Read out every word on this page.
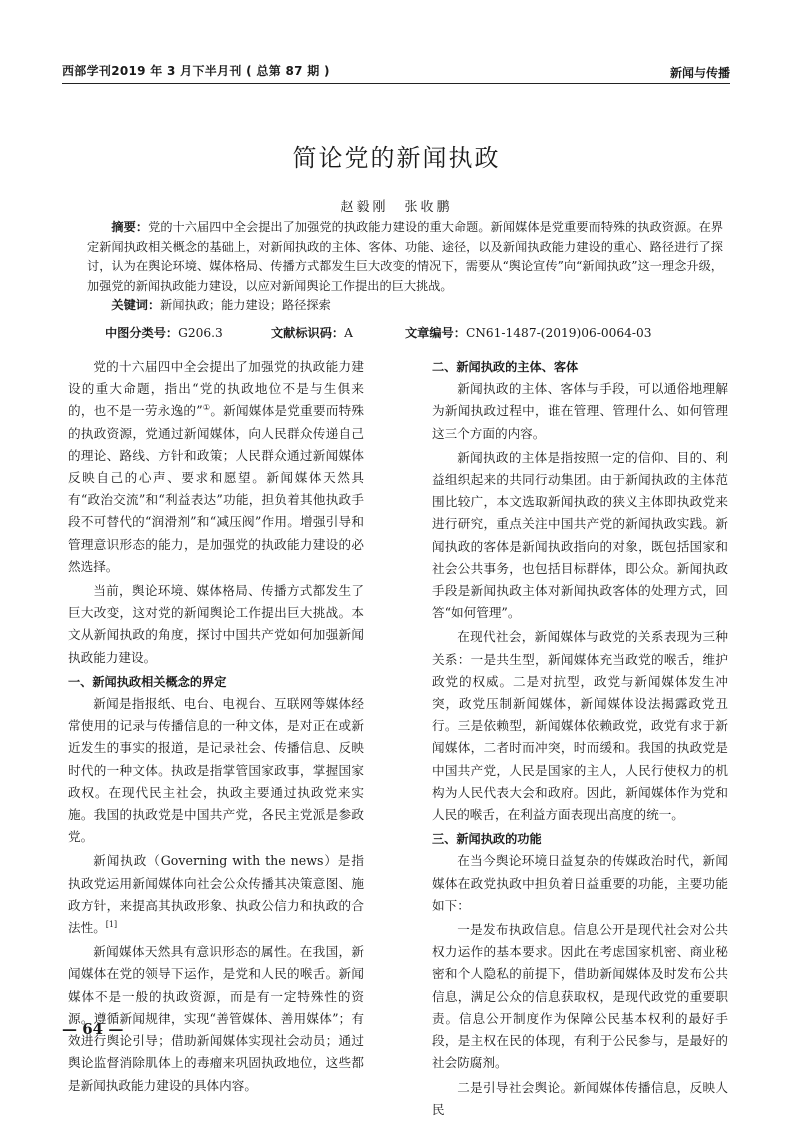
西部学刊2019 年 3 月下半月刊 ( 总第 87 期 )	新闻与传播
简论党的新闻执政
赵毅刚　张收鹏

摘要：党的十六届四中全会提出了加强党的执政能力建设的重大命题。新闻媒体是党重要而特殊的执政资源。在界定新闻执政相关概念的基础上，对新闻执政的主体、客体、功能、途径，以及新闻执政能力建设的重心、路径进行了探讨，认为在舆论环境、媒体格局、传播方式都发生巨大改变的情况下，需要从“舆论宣传”向“新闻执政”这一理念升级，加强党的新闻执政能力建设，以应对新闻舆论工作提出的巨大挑战。

关键词：新闻执政；能力建设；路径探索

中图分类号：G206.3	文献标识码：A	文章编号：CN61-1487-(2019)06-0064-03

党的十六届四中全会提出了加强党的执政能力建设的重大命题，指出“党的执政地位不是与生俱来的，也不是一劳永逸的”①。新闻媒体是党重要而特殊的执政资源，党通过新闻媒体，向人民群众传递自己的理论、路线、方针和政策；人民群众通过新闻媒体反映自己的心声、要求和愿望。新闻媒体天然具有“政治交流”和“利益表达”功能，担负着其他执政手段不可替代的“润滑剂”和“减压阀”作用。增强引导和管理意识形态的能力，是加强党的执政能力建设的必然选择。

当前，舆论环境、媒体格局、传播方式都发生了巨大改变，这对党的新闻舆论工作提出巨大挑战。本文从新闻执政的角度，探讨中国共产党如何加强新闻执政能力建设。

一、新闻执政相关概念的界定

新闻是指报纸、电台、电视台、互联网等媒体经常使用的记录与传播信息的一种文体，是对正在或新近发生的事实的报道，是记录社会、传播信息、反映时代的一种文体。执政是指掌管国家政事，掌握国家政权。在现代民主社会，执政主要通过执政党来实施。我国的执政党是中国共产党，各民主党派是参政党。

新闻执政（Governing with the news）是指执政党运用新闻媒体向社会公众传播其决策意图、施政方针，来提高其执政形象、执政公信力和执政的合法性。[1]

新闻媒体天然具有意识形态的属性。在我国，新闻媒体在党的领导下运作，是党和人民的喉舌。新闻媒体不是一般的执政资源，而是有一定特殊性的资源。遵循新闻规律，实现“善管媒体、善用媒体”；有效进行舆论引导；借助新闻媒体实现社会动员；通过舆论监督消除肌体上的毒瘤来巩固执政地位，这些都是新闻执政能力建设的具体内容。

二、新闻执政的主体、客体

新闻执政的主体、客体与手段，可以通俗地理解为新闻执政过程中，谁在管理、管理什么、如何管理这三个方面的内容。

新闻执政的主体是指按照一定的信仰、目的、利益组织起来的共同行动集团。由于新闻执政的主体范围比较广，本文选取新闻执政的狭义主体即执政党来进行研究，重点关注中国共产党的新闻执政实践。新闻执政的客体是新闻执政指向的对象，既包括国家和社会公共事务，也包括目标群体，即公众。新闻执政手段是新闻执政主体对新闻执政客体的处理方式，回答“如何管理”。

在现代社会，新闻媒体与政党的关系表现为三种关系：一是共生型，新闻媒体充当政党的喉舌，维护政党的权威。二是对抗型，政党与新闻媒体发生冲突，政党压制新闻媒体，新闻媒体设法揭露政党丑行。三是依赖型，新闻媒体依赖政党，政党有求于新闻媒体，二者时而冲突，时而缓和。我国的执政党是中国共产党，人民是国家的主人，人民行使权力的机构为人民代表大会和政府。因此，新闻媒体作为党和人民的喉舌，在利益方面表现出高度的统一。

三、新闻执政的功能

在当今舆论环境日益复杂的传媒政治时代，新闻媒体在政党执政中担负着日益重要的功能，主要功能如下：

一是发布执政信息。信息公开是现代社会对公共权力运作的基本要求。因此在考虑国家机密、商业秘密和个人隐私的前提下，借助新闻媒体及时发布公共信息，满足公众的信息获取权，是现代政党的重要职责。信息公开制度作为保障公民基本权利的最好手段，是主权在民的体现，有利于公民参与，是最好的社会防腐剂。

二是引导社会舆论。新闻媒体传播信息，反映人民

— 64 —
